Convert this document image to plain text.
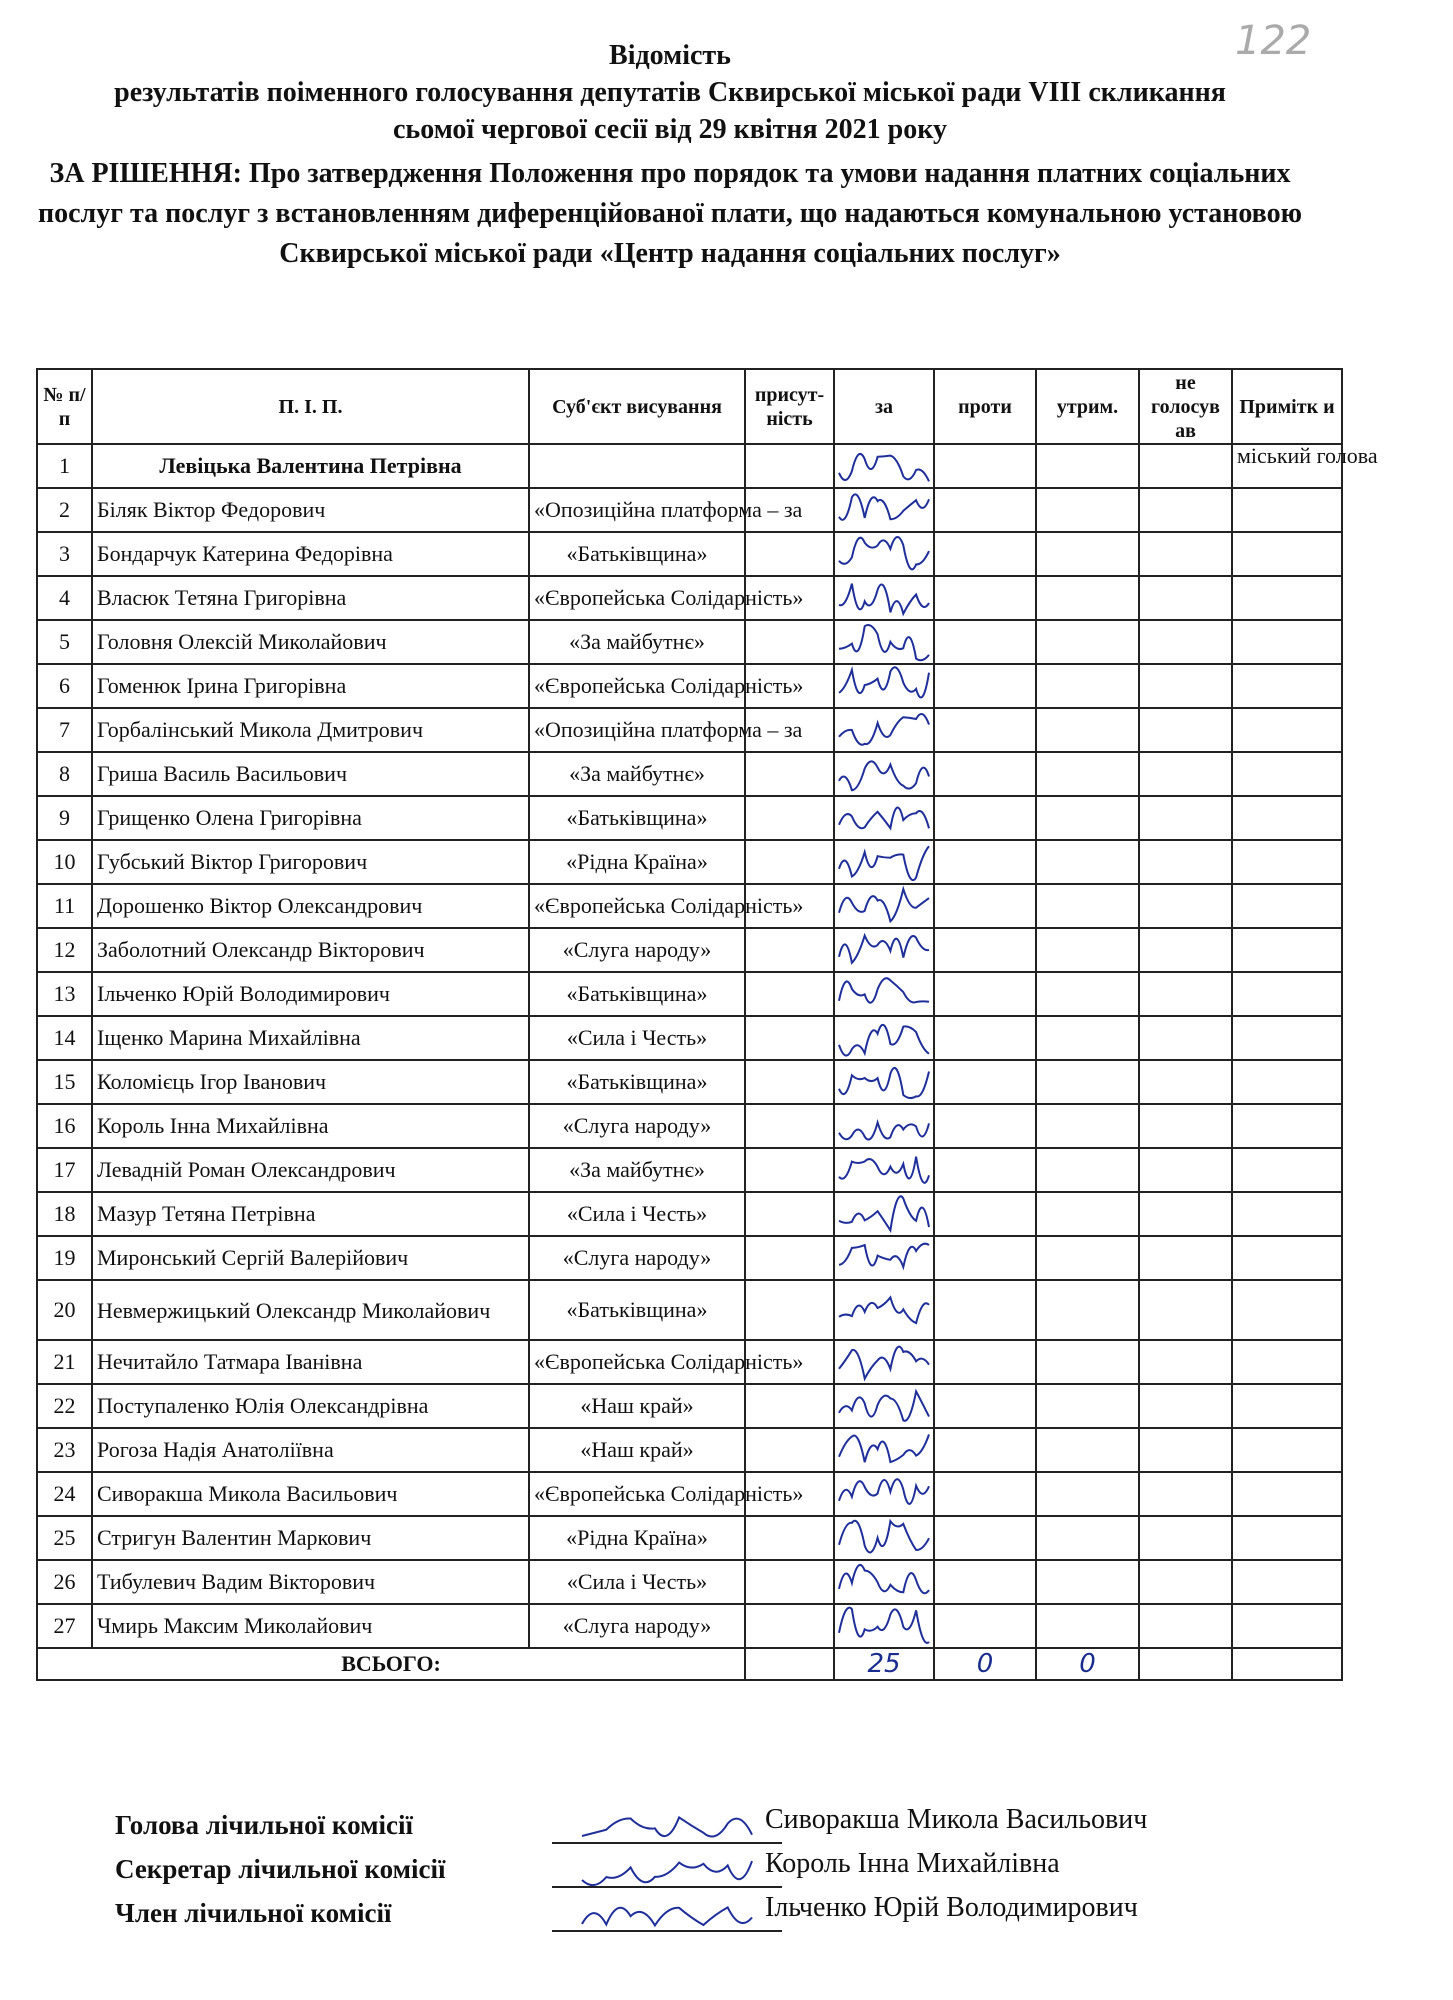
122
Відомість
результатів поіменного голосування депутатів Сквирської міської ради VIII скликання
сьомої чергової сесії від 29 квітня 2021 року
ЗА РІШЕННЯ: Про затвердження Положення про порядок та умови надання платних соціальних послуг та послуг з встановленням диференційованої плати, що надаються комунальною установою Сквирської міської ради «Центр надання соціальних послуг»
№ п/п	П. І. П.	Суб'єкт висування	присут-ність	за	проти	утрим.	не голосув ав	Примітк и
1	Левіцька Валентина Петрівна							міський голова
2	Біляк Віктор Федорович	«Опозиційна платформа – за						
3	Бондарчук Катерина Федорівна	«Батьківщина»						
4	Власюк Тетяна Григорівна	«Європейська Солідарність»						
5	Головня Олексій Миколайович	«За майбутнє»						
6	Гоменюк Ірина Григорівна	«Європейська Солідарність»						
7	Горбалінський Микола Дмитрович	«Опозиційна платформа – за						
8	Гриша Василь Васильович	«За майбутнє»						
9	Грищенко Олена Григорівна	«Батьківщина»						
10	Губський Віктор Григорович	«Рідна Країна»						
11	Дорошенко Віктор Олександрович	«Європейська Солідарність»						
12	Заболотний Олександр Вікторович	«Слуга народу»						
13	Ільченко Юрій Володимирович	«Батьківщина»						
14	Іщенко Марина Михайлівна	«Сила і Честь»						
15	Коломієць Ігор Іванович	«Батьківщина»						
16	Король Інна Михайлівна	«Слуга народу»						
17	Левадній Роман Олександрович	«За майбутнє»						
18	Мазур Тетяна Петрівна	«Сила і Честь»						
19	Миронський Сергій Валерійович	«Слуга народу»						
20	Невмержицький Олександр Миколайович	«Батьківщина»						
21	Нечитайло Татмара Іванівна	«Європейська Солідарність»						
22	Поступаленко Юлія Олександрівна	«Наш край»						
23	Рогоза Надія Анатоліївна	«Наш край»						
24	Сиворакша Микола Васильович	«Європейська Солідарність»						
25	Стригун Валентин Маркович	«Рідна Країна»						
26	Тибулевич Вадим Вікторович	«Сила і Честь»						
27	Чмирь Максим Миколайович	«Слуга народу»						
ВСЬОГО:				25	0	0		
Голова лічильної комісії	Сиворакша Микола Васильович
Секретар лічильної комісії	Король Інна Михайлівна
Член лічильної комісії	Ільченко Юрій Володимирович
